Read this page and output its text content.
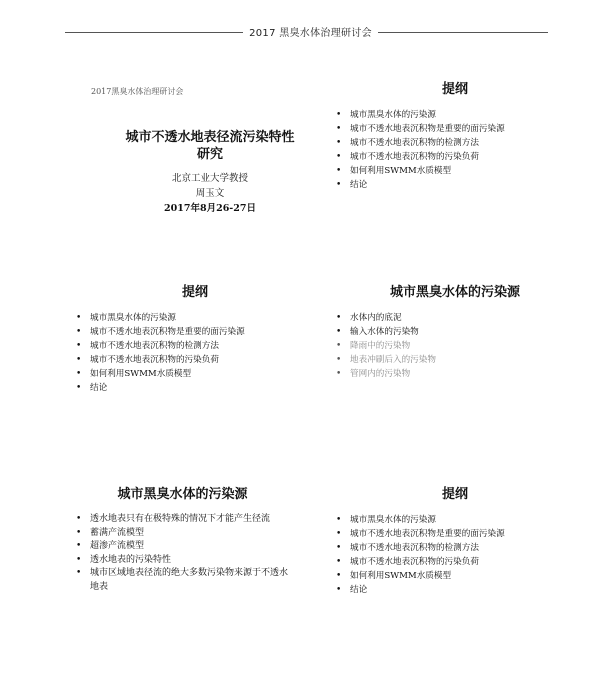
2017 黑臭水体治理研讨会
2017黑臭水体治理研讨会
城市不透水地表径流污染特性
研究
北京工业大学教授
周玉文
2017年8月26-27日
提纲
• 城市黑臭水体的污染源
• 城市不透水地表沉积物是重要的面污染源
• 城市不透水地表沉积物的检测方法
• 城市不透水地表沉积物的污染负荷
• 如何利用SWMM水质模型
• 结论
提纲
• 城市黑臭水体的污染源
• 城市不透水地表沉积物是重要的面污染源
• 城市不透水地表沉积物的检测方法
• 城市不透水地表沉积物的污染负荷
• 如何利用SWMM水质模型
• 结论
城市黑臭水体的污染源
• 水体内的底泥
• 输入水体的污染物
• 降雨中的污染物
• 地表冲刷后入的污染物
• 管网内的污染物
城市黑臭水体的污染源
• 透水地表只有在极特殊的情况下才能产生径流
• 蓄满产流模型
• 超渗产流模型
• 透水地表的污染特性
• 城市区域地表径流的绝大多数污染物来源于不透水地表
提纲
• 城市黑臭水体的污染源
• 城市不透水地表沉积物是重要的面污染源
• 城市不透水地表沉积物的检测方法
• 城市不透水地表沉积物的污染负荷
• 如何利用SWMM水质模型
• 结论
